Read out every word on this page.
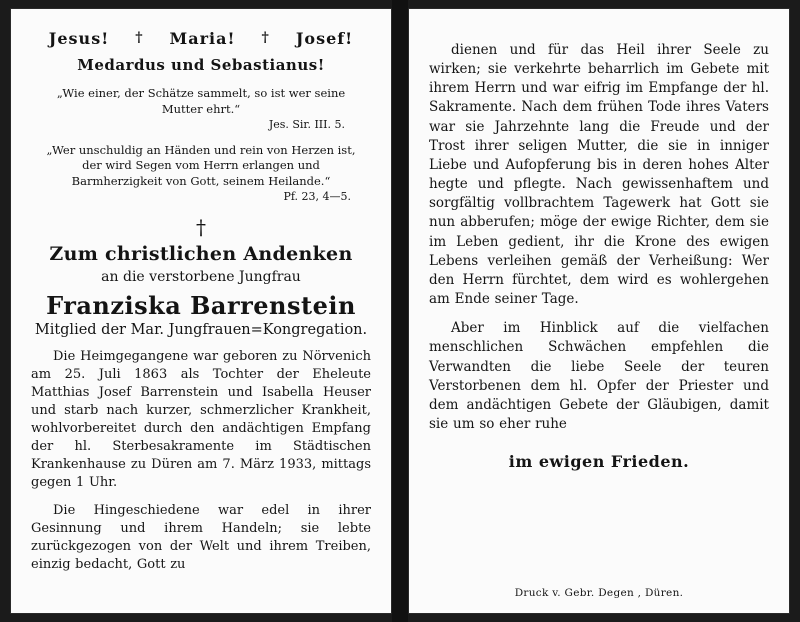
Jesus! † Maria! † Josef!
Medardus und Sebastianus!
„Wie einer, der Schätze sammelt, so ist wer seine Mutter ehrt.“
Jes. Sir. III. 5.
„Wer unschuldig an Händen und rein von Herzen ist, der wird Segen vom Herrn erlangen und Barmherzigkeit von Gott, seinem Heilande.“
Pf. 23, 4—5.
†
Zum christlichen Andenken
an die verstorbene Jungfrau
Franziska Barrenstein
Mitglied der Mar. Jungfrauen=Kongregation.
Die Heimgegangene war geboren zu Nörvenich am 25. Juli 1863 als Tochter der Eheleute Matthias Josef Barrenstein und Isabella Heuser und starb nach kurzer, schmerzlicher Krankheit, wohlvorbereitet durch den andächtigen Empfang der hl. Sterbesakramente im Städtischen Krankenhause zu Düren am 7. März 1933, mittags gegen 1 Uhr.
Die Hingeschiedene war edel in ihrer Gesinnung und ihrem Handeln; sie lebte zurückgezogen von der Welt und ihrem Treiben, einzig bedacht, Gott zu
dienen und für das Heil ihrer Seele zu wirken; sie verkehrte beharrlich im Gebete mit ihrem Herrn und war eifrig im Empfange der hl. Sakramente. Nach dem frühen Tode ihres Vaters war sie Jahrzehnte lang die Freude und der Trost ihrer seligen Mutter, die sie in inniger Liebe und Aufopferung bis in deren hohes Alter hegte und pflegte. Nach gewissenhaftem und sorgfältig vollbrachtem Tagewerk hat Gott sie nun abberufen; möge der ewige Richter, dem sie im Leben gedient, ihr die Krone des ewigen Lebens verleihen gemäß der Verheißung: Wer den Herrn fürchtet, dem wird es wohlergehen am Ende seiner Tage.
Aber im Hinblick auf die vielfachen menschlichen Schwächen empfehlen die Verwandten die liebe Seele der teuren Verstorbenen dem hl. Opfer der Priester und dem andächtigen Gebete der Gläubigen, damit sie um so eher ruhe
im ewigen Frieden.
Druck v. Gebr. Degen , Düren.
